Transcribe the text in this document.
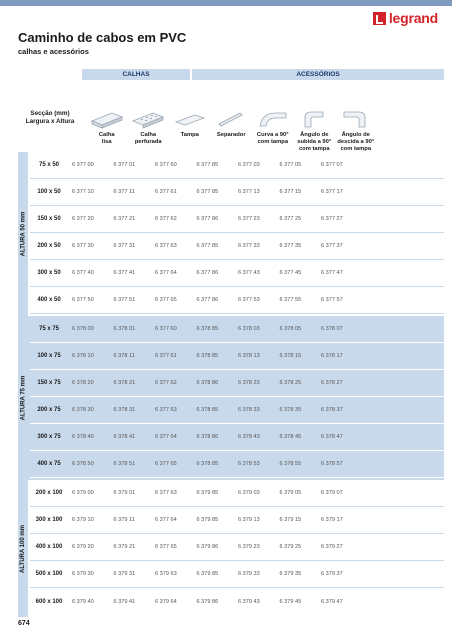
legrand
Caminho de cabos em PVC
calhas e acessórios
CALHAS	ACESSÓRIOS
Secção (mm)
Largura x Altura
Calha
lisa
Calha
perfurada
Tampa	Separador	Curva a 90°
com tampa
Ângulo de
subida a 90°
com tampa
Ângulo de
descida a 90°
com tampa
ALTURA 50 mm
75 x 50	6 377 00	6 377 01	6 377 60	6 377 85	6 377 03	6 377 05	6 377 07
100 x 50	6 377 10	6 377 11	6 377 61	6 377 85	6 377 13	6 377 15	6 377 17
150 x 50	6 377 20	6 377 21	6 377 62	6 377 86	6 377 23	6 377 25	6 377 27
200 x 50	6 377 30	6 377 31	6 377 63	6 377 85	6 377 33	6 377 35	6 377 37
300 x 50	6 377 40	6 377 41	6 377 64	6 377 86	6 377 43	6 377 45	6 377 47
400 x 50	6 377 50	6 377 51	6 377 65	6 377 86	6 377 53	6 377 55	6 377 57
ALTURA 75 mm
75 x 75	6 378 00	6 378 01	6 377 60	6 378 85	6 378 03	6 378 05	6 378 07
100 x 75	6 378 10	6 378 11	6 377 61	6 378 85	6 378 13	6 378 15	6 378 17
150 x 75	6 378 20	6 378 21	6 377 62	6 378 86	6 378 23	6 378 25	6 378 27
200 x 75	6 378 30	6 378 31	6 377 63	6 378 85	6 378 33	6 378 35	6 378 37
300 x 75	6 378 40	6 378 41	6 377 64	6 378 86	6 378 43	6 378 45	6 378 47
400 x 75	6 378 50	6 378 51	6 377 65	6 378 85	6 378 53	6 378 55	6 378 57
ALTURA 100 mm
200 x 100	6 379 00	6 379 01	6 377 63	6 379 85	6 379 03	6 379 05	6 379 07
300 x 100	6 379 10	6 379 11	6 377 64	6 379 85	6 379 13	6 379 15	6 379 17
400 x 100	6 379 20	6 379 21	6 377 65	6 379 86	6 379 23	6 379 25	6 379 27
500 x 100	6 379 30	6 379 31	6 379 63	6 379 85	6 379 33	6 379 35	6 379 37
600 x 100	6 379 40	6 379 41	6 379 64	6 379 86	6 379 43	6 379 45	6 379 47
674
